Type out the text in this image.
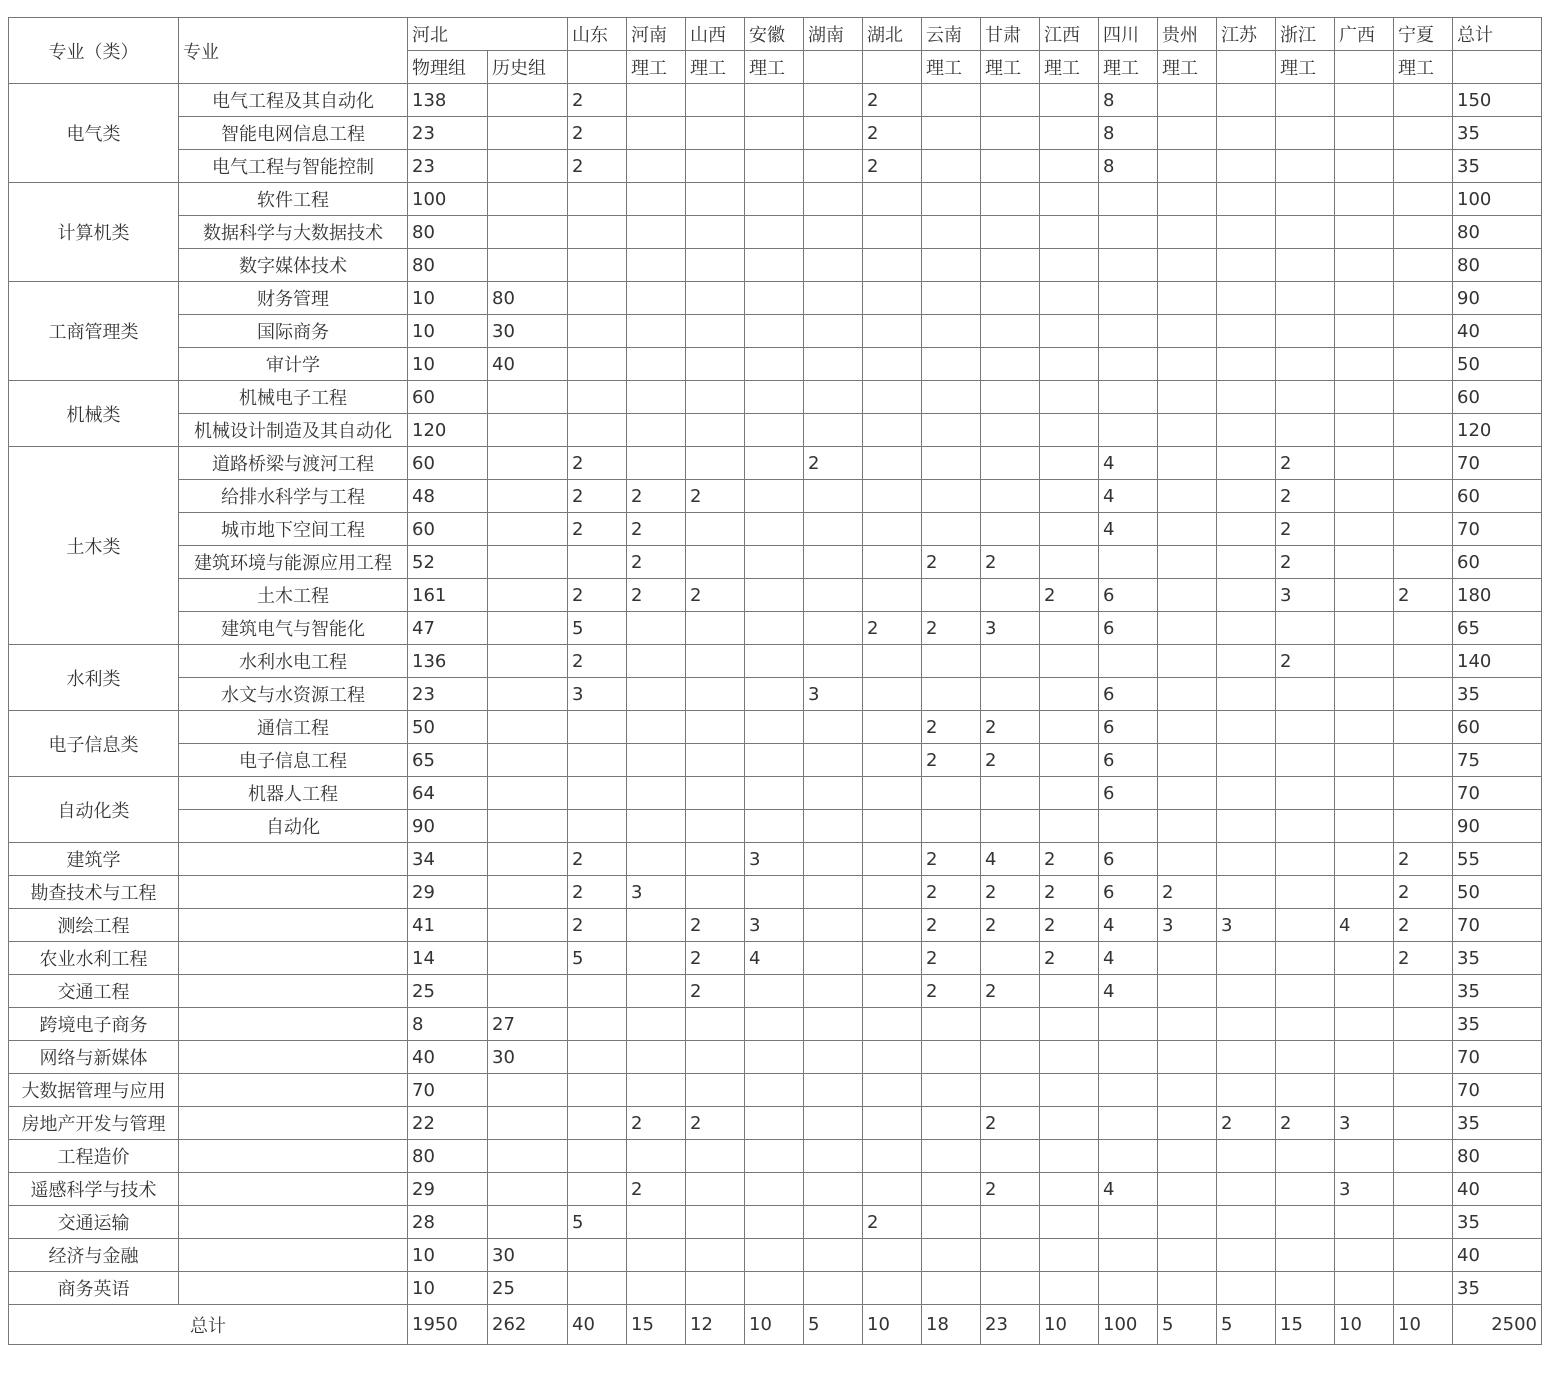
专业（类）	专业	河北		山东	河南	山西	安徽	湖南	湖北	云南	甘肃	江西	四川	贵州	江苏	浙江	广西	宁夏	总计
		物理组	历史组		理工	理工	理工			理工	理工	理工	理工	理工		理工		理工	
电气类	电气工程及其自动化	138		2					2				8						150
	智能电网信息工程	23		2					2				8						35
	电气工程与智能控制	23		2					2				8						35
计算机类	软件工程	100																	100
	数据科学与大数据技术	80																	80
	数字媒体技术	80																	80
工商管理类	财务管理	10	80																90
	国际商务	10	30																40
	审计学	10	40																50
机械类	机械电子工程	60																	60
	机械设计制造及其自动化	120																	120
土木类	道路桥梁与渡河工程	60		2				2					4			2			70
	给排水科学与工程	48		2	2	2							4			2			60
	城市地下空间工程	60		2	2								4			2			70
	建筑环境与能源应用工程	52			2					2	2					2			60
	土木工程	161		2	2	2						2	6			3		2	180
	建筑电气与智能化	47		5					2	2	3		6						65
水利类	水利水电工程	136		2												2			140
	水文与水资源工程	23		3				3					6						35
电子信息类	通信工程	50								2	2		6						60
	电子信息工程	65								2	2		6						75
自动化类	机器人工程	64											6						70
	自动化	90																	90
建筑学		34		2			3			2	4	2	6					2	55
勘查技术与工程		29		2	3					2	2	2	6	2				2	50
测绘工程		41		2		2	3			2	2	2	4	3	3		4	2	70
农业水利工程		14		5		2	4			2		2	4					2	35
交通工程		25				2				2	2		4						35
跨境电子商务		8	27																35
网络与新媒体		40	30																70
大数据管理与应用		70																	70
房地产开发与管理		22			2	2					2				2	2	3		35
工程造价		80																	80
遥感科学与技术		29			2						2		4				3		40
交通运输		28		5					2										35
经济与金融		10	30																40
商务英语		10	25																35
总计		1950	262	40	15	12	10	5	10	18	23	10	100	5	5	15	10	10	2500
